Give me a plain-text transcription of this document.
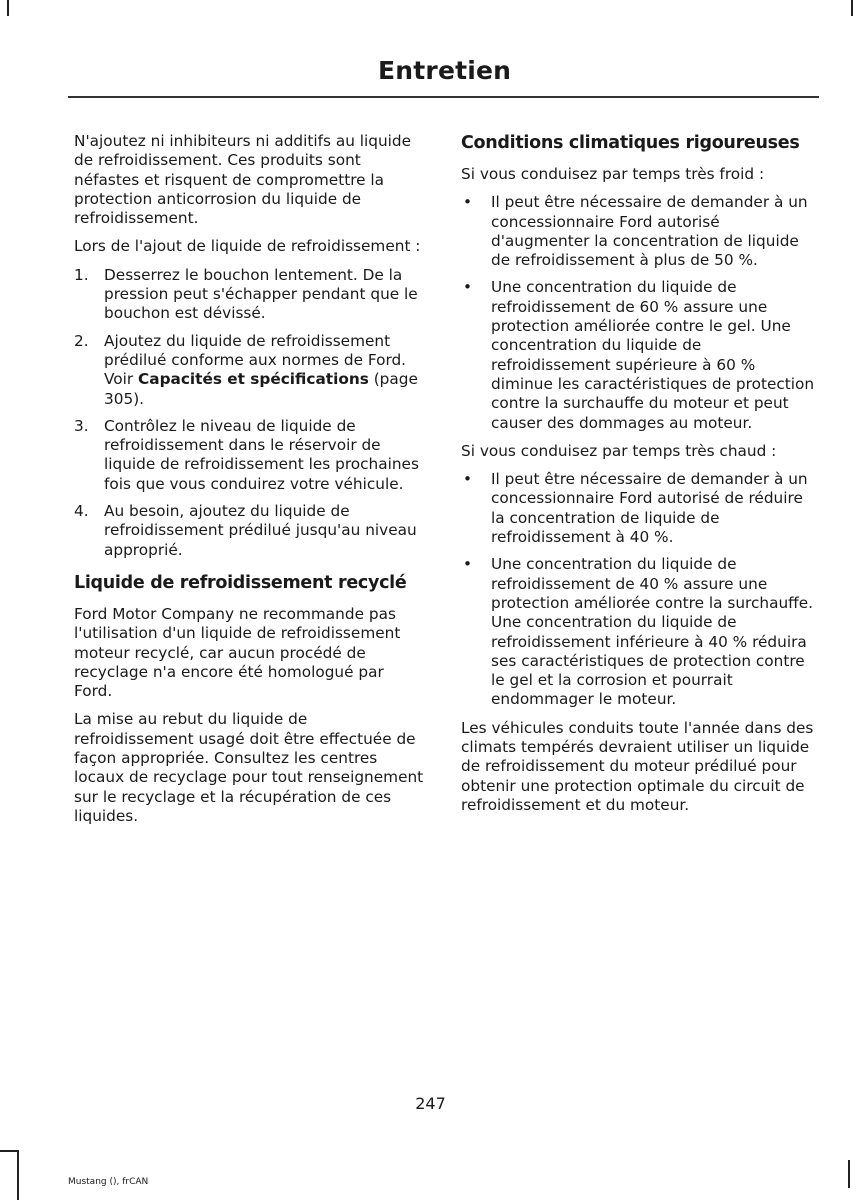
Entretien

N'ajoutez ni inhibiteurs ni additifs au liquide de refroidissement. Ces produits sont néfastes et risquent de compromettre la protection anticorrosion du liquide de refroidissement.

Lors de l'ajout de liquide de refroidissement :

1. Desserrez le bouchon lentement. De la pression peut s'échapper pendant que le bouchon est dévissé.
2. Ajoutez du liquide de refroidissement prédilué conforme aux normes de Ford. Voir Capacités et spécifications (page 305).
3. Contrôlez le niveau de liquide de refroidissement dans le réservoir de liquide de refroidissement les prochaines fois que vous conduirez votre véhicule.
4. Au besoin, ajoutez du liquide de refroidissement prédilué jusqu'au niveau approprié.
Liquide de refroidissement recyclé

Ford Motor Company ne recommande pas l'utilisation d'un liquide de refroidissement moteur recyclé, car aucun procédé de recyclage n'a encore été homologué par Ford.

La mise au rebut du liquide de refroidissement usagé doit être effectuée de façon appropriée. Consultez les centres locaux de recyclage pour tout renseignement sur le recyclage et la récupération de ces liquides.

Conditions climatiques rigoureuses

Si vous conduisez par temps très froid :

• Il peut être nécessaire de demander à un concessionnaire Ford autorisé d'augmenter la concentration de liquide de refroidissement à plus de 50 %.
• Une concentration du liquide de refroidissement de 60 % assure une protection améliorée contre le gel. Une concentration du liquide de refroidissement supérieure à 60 % diminue les caractéristiques de protection contre la surchauffe du moteur et peut causer des dommages au moteur.

Si vous conduisez par temps très chaud :

• Il peut être nécessaire de demander à un concessionnaire Ford autorisé de réduire la concentration de liquide de refroidissement à 40 %.
• Une concentration du liquide de refroidissement de 40 % assure une protection améliorée contre la surchauffe. Une concentration du liquide de refroidissement inférieure à 40 % réduira ses caractéristiques de protection contre le gel et la corrosion et pourrait endommager le moteur.

Les véhicules conduits toute l'année dans des climats tempérés devraient utiliser un liquide de refroidissement du moteur prédilué pour obtenir une protection optimale du circuit de refroidissement et du moteur.

247
Mustang (), frCAN
